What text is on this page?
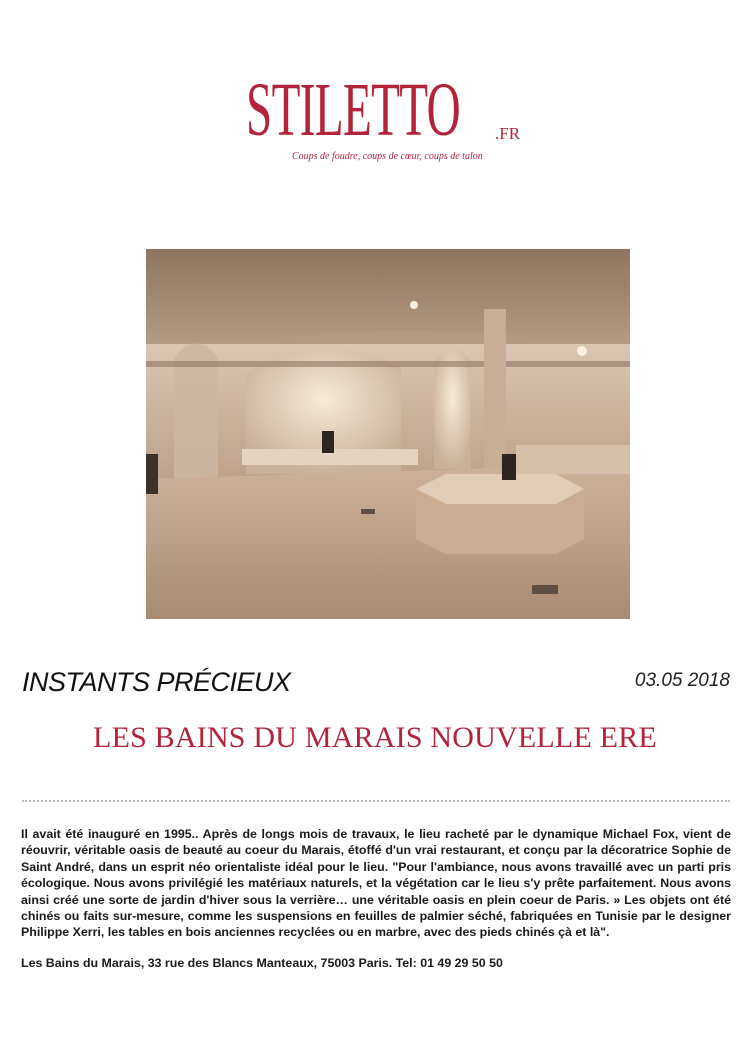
STILETTO .FR
Coups de foudre, coups de cœur, coups de talon
INSTANTS PRÉCIEUX	03.05 2018
LES BAINS DU MARAIS NOUVELLE ERE

Il avait été inauguré en 1995.. Après de longs mois de travaux, le lieu racheté par le dynamique Michael Fox, vient de réouvrir, véritable oasis de beauté au coeur du Marais, étoffé d'un vrai restaurant, et conçu par la décoratrice Sophie de Saint André, dans un esprit néo orientaliste idéal pour le lieu. "Pour l'ambiance, nous avons travaillé avec un parti pris écologique. Nous avons privilégié les matériaux naturels, et la végétation car le lieu s'y prête parfaitement. Nous avons ainsi créé une sorte de jardin d'hiver sous la verrière… une véritable oasis en plein coeur de Paris. » Les objets ont été chinés ou faits sur-mesure, comme les suspensions en feuilles de palmier séché, fabriquées en Tunisie par le designer Philippe Xerri, les tables en bois anciennes recyclées ou en marbre, avec des pieds chinés çà et là".

Les Bains du Marais, 33 rue des Blancs Manteaux, 75003 Paris. Tel: 01 49 29 50 50
